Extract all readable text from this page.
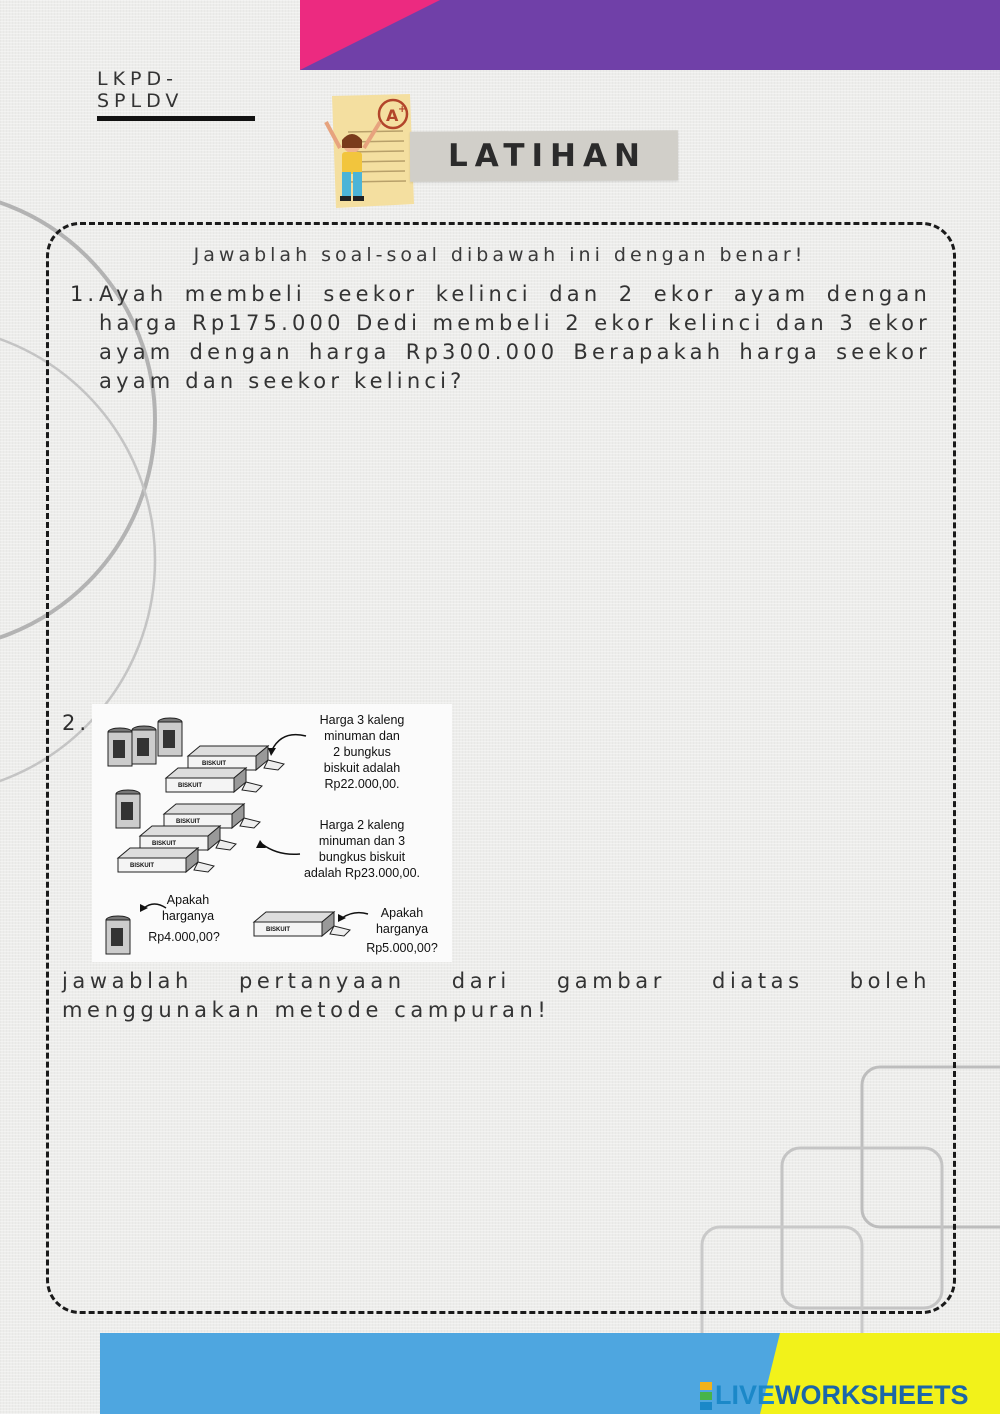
LKPD-SPLDV
A +
LATIHAN
Jawablah soal-soal dibawah ini dengan benar!
1. Ayah membeli seekor kelinci dan 2 ekor ayam dengan harga Rp175.000 Dedi membeli 2 ekor kelinci dan 3 ekor ayam dengan harga Rp300.000 Berapakah harga seekor ayam dan seekor kelinci?
2.
BISKUIT
BISKUIT
BISKUIT
BISKUIT
BISKUIT
BISKUIT
Harga 3 kaleng
minuman dan
2 bungkus
biskuit adalah
Rp22.000,00.
Harga 2 kaleng
minuman dan 3
bungkus biskuit
adalah Rp23.000,00.
Apakah
harganya
Rp4.000,00?
Apakah
harganya
Rp5.000,00?
jawablah pertanyaan dari gambar diatas boleh menggunakan metode campuran!
LIVE WORKSHEETS
